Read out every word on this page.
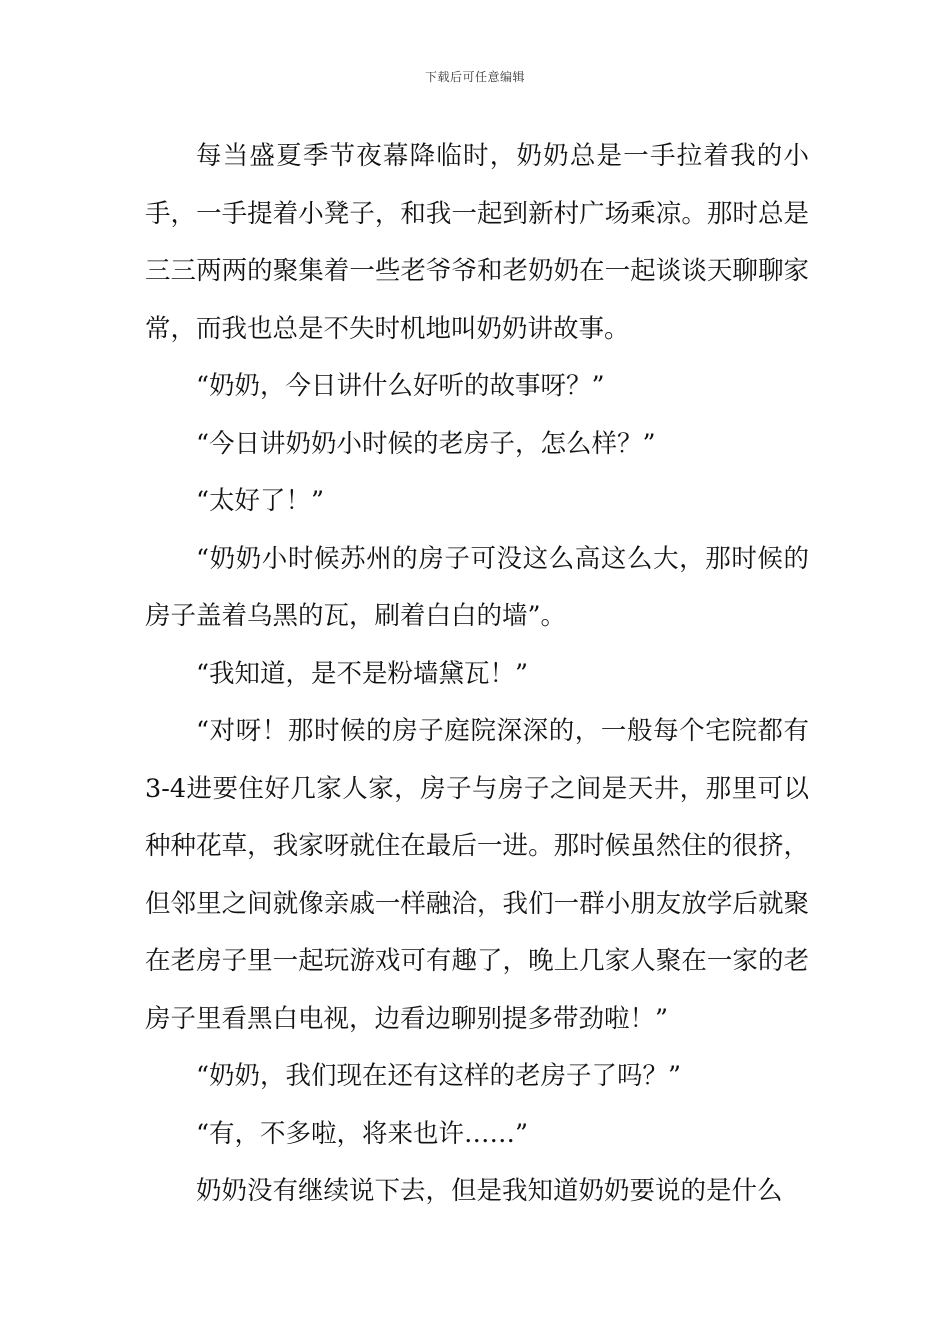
下载后可任意编辑

每当盛夏季节夜幕降临时，奶奶总是一手拉着我的小手，一手提着小凳子，和我一起到新村广场乘凉。那时总是三三两两的聚集着一些老爷爷和老奶奶在一起谈谈天聊聊家常，而我也总是不失时机地叫奶奶讲故事。

“奶奶，今日讲什么好听的故事呀？”

“今日讲奶奶小时候的老房子，怎么样？”

“太好了！”

“奶奶小时候苏州的房子可没这么高这么大，那时候的房子盖着乌黑的瓦，刷着白白的墙”。

“我知道，是不是粉墙黛瓦！”

“对呀！那时候的房子庭院深深的，一般每个宅院都有3-4进要住好几家人家，房子与房子之间是天井，那里可以种种花草，我家呀就住在最后一进。那时候虽然住的很挤，但邻里之间就像亲戚一样融洽，我们一群小朋友放学后就聚在老房子里一起玩游戏可有趣了，晚上几家人聚在一家的老房子里看黑白电视，边看边聊别提多带劲啦！”

“奶奶，我们现在还有这样的老房子了吗？”

“有，不多啦，将来也许……”

奶奶没有继续说下去，但是我知道奶奶要说的是什么
